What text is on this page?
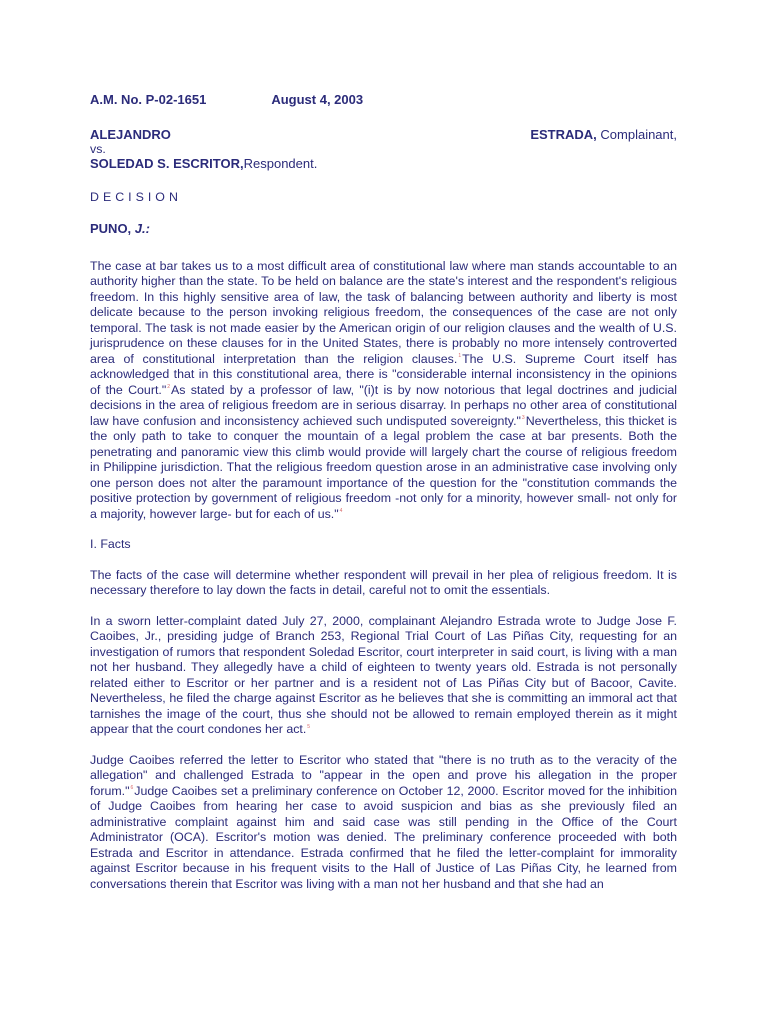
A.M. No. P-02-1651	August 4, 2003
ALEJANDRO	ESTRADA, Complainant,
vs.
SOLEDAD S. ESCRITOR, Respondent.
DECISION
PUNO, J.:

The case at bar takes us to a most difficult area of constitutional law where man stands accountable to an authority higher than the state. To be held on balance are the state's interest and the respondent's religious freedom. In this highly sensitive area of law, the task of balancing between authority and liberty is most delicate because to the person invoking religious freedom, the consequences of the case are not only temporal. The task is not made easier by the American origin of our religion clauses and the wealth of U.S. jurisprudence on these clauses for in the United States, there is probably no more intensely controverted area of constitutional interpretation than the religion clauses.$^1$The U.S. Supreme Court itself has acknowledged that in this constitutional area, there is "considerable internal inconsistency in the opinions of the Court."$^2$As stated by a professor of law, "(i)t is by now notorious that legal doctrines and judicial decisions in the area of religious freedom are in serious disarray. In perhaps no other area of constitutional law have confusion and inconsistency achieved such undisputed sovereignty."$^3$Nevertheless, this thicket is the only path to take to conquer the mountain of a legal problem the case at bar presents. Both the penetrating and panoramic view this climb would provide will largely chart the course of religious freedom in Philippine jurisdiction. That the religious freedom question arose in an administrative case involving only one person does not alter the paramount importance of the question for the "constitution commands the positive protection by government of religious freedom -not only for a minority, however small- not only for a majority, however large- but for each of us."$^4$

I. Facts

The facts of the case will determine whether respondent will prevail in her plea of religious freedom. It is necessary therefore to lay down the facts in detail, careful not to omit the essentials.

In a sworn letter-complaint dated July 27, 2000, complainant Alejandro Estrada wrote to Judge Jose F. Caoibes, Jr., presiding judge of Branch 253, Regional Trial Court of Las Piñas City, requesting for an investigation of rumors that respondent Soledad Escritor, court interpreter in said court, is living with a man not her husband. They allegedly have a child of eighteen to twenty years old. Estrada is not personally related either to Escritor or her partner and is a resident not of Las Piñas City but of Bacoor, Cavite. Nevertheless, he filed the charge against Escritor as he believes that she is committing an immoral act that tarnishes the image of the court, thus she should not be allowed to remain employed therein as it might appear that the court condones her act.$^5$

Judge Caoibes referred the letter to Escritor who stated that "there is no truth as to the veracity of the allegation" and challenged Estrada to "appear in the open and prove his allegation in the proper forum."$^6$Judge Caoibes set a preliminary conference on October 12, 2000. Escritor moved for the inhibition of Judge Caoibes from hearing her case to avoid suspicion and bias as she previously filed an administrative complaint against him and said case was still pending in the Office of the Court Administrator (OCA). Escritor's motion was denied. The preliminary conference proceeded with both Estrada and Escritor in attendance. Estrada confirmed that he filed the letter-complaint for immorality against Escritor because in his frequent visits to the Hall of Justice of Las Piñas City, he learned from conversations therein that Escritor was living with a man not her husband and that she had an
